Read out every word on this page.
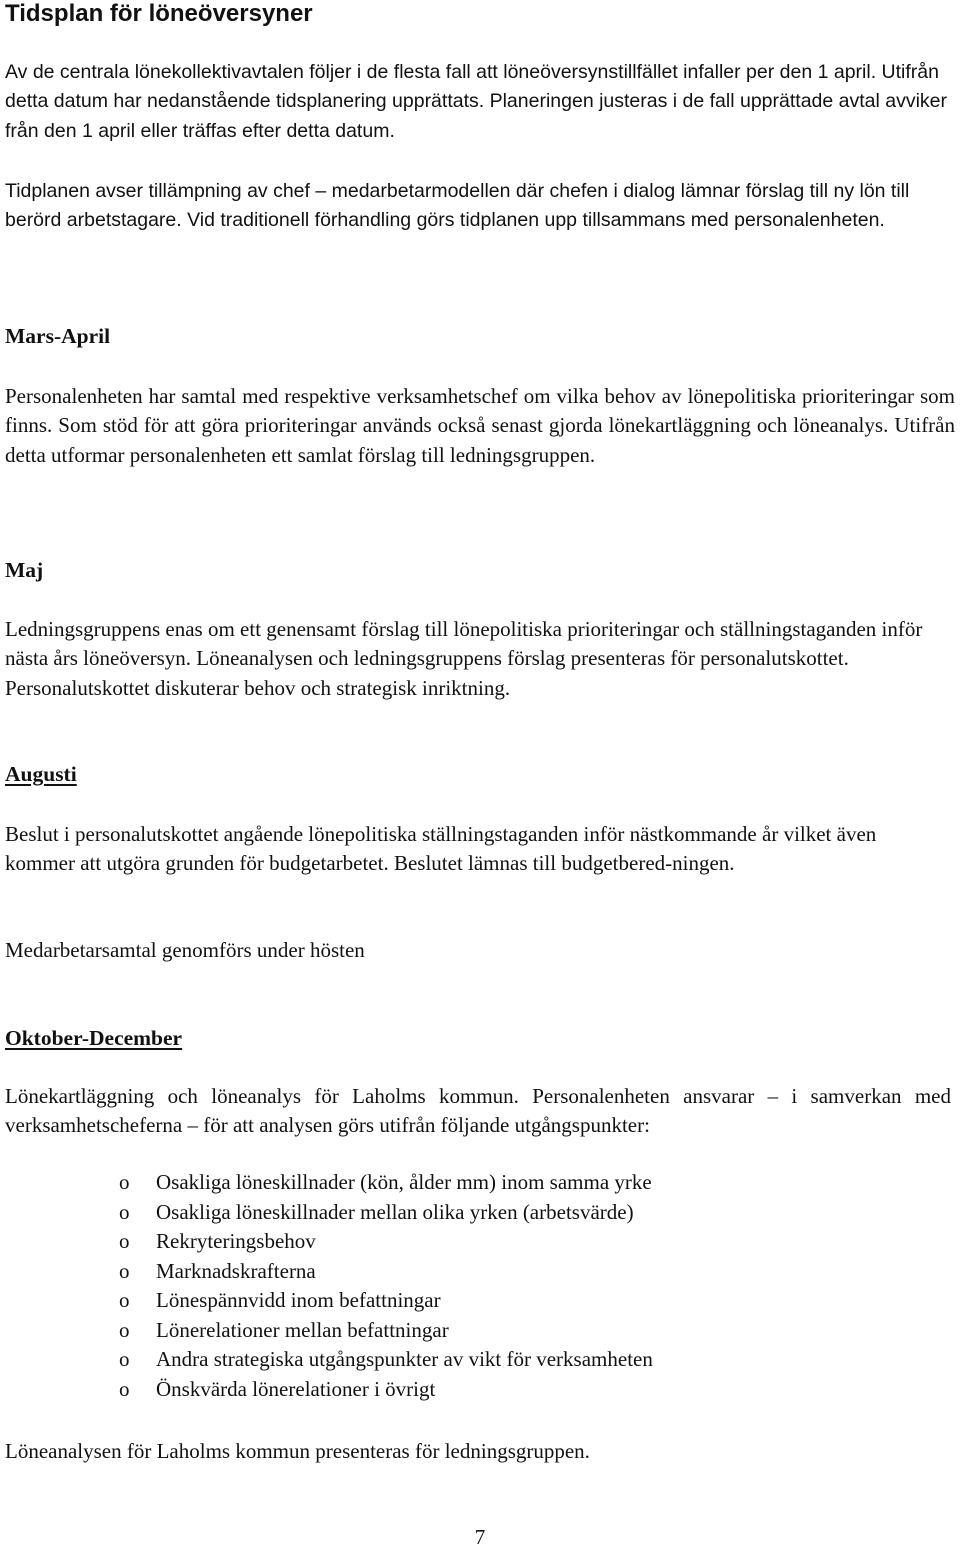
Tidsplan för löneöversyner

Av de centrala lönekollektivavtalen följer i de flesta fall att löneöversynstillfället infaller per den 1 april. Utifrån detta datum har nedanstående tidsplanering upprättats. Planeringen justeras i de fall upprättade avtal avviker från den 1 april eller träffas efter detta datum.

Tidplanen avser tillämpning av chef – medarbetarmodellen där chefen i dialog lämnar förslag till ny lön till berörd arbetstagare. Vid traditionell förhandling görs tidplanen upp tillsammans med personalenheten.

Mars-April

Personalenheten har samtal med respektive verksamhetschef om vilka behov av lönepolitiska prioriteringar som finns. Som stöd för att göra prioriteringar används också senast gjorda lönekartläggning och löneanalys. Utifrån detta utformar personalenheten ett samlat förslag till ledningsgruppen.

Maj

Ledningsgruppens enas om ett genensamt förslag till lönepolitiska prioriteringar och ställningstaganden inför nästa års löneöversyn. Löneanalysen och ledningsgruppens förslag presenteras för personalutskottet. Personalutskottet diskuterar behov och strategisk inriktning.

Augusti

Beslut i personalutskottet angående lönepolitiska ställningstaganden inför nästkommande år vilket även kommer att utgöra grunden för budgetarbetet. Beslutet lämnas till budgetbered-ningen.

Medarbetarsamtal genomförs under hösten

Oktober-December

Lönekartläggning och löneanalys för Laholms kommun. Personalenheten ansvarar – i samverkan med verksamhetscheferna – för att analysen görs utifrån följande utgångspunkter:

o Osakliga löneskillnader (kön, ålder mm) inom samma yrke
o Osakliga löneskillnader mellan olika yrken (arbetsvärde)
o Rekryteringsbehov
o Marknadskrafterna
o Lönespännvidd inom befattningar
o Lönerelationer mellan befattningar
o Andra strategiska utgångspunkter av vikt för verksamheten
o Önskvärda lönerelationer i övrigt

Löneanalysen för Laholms kommun presenteras för ledningsgruppen.

7
